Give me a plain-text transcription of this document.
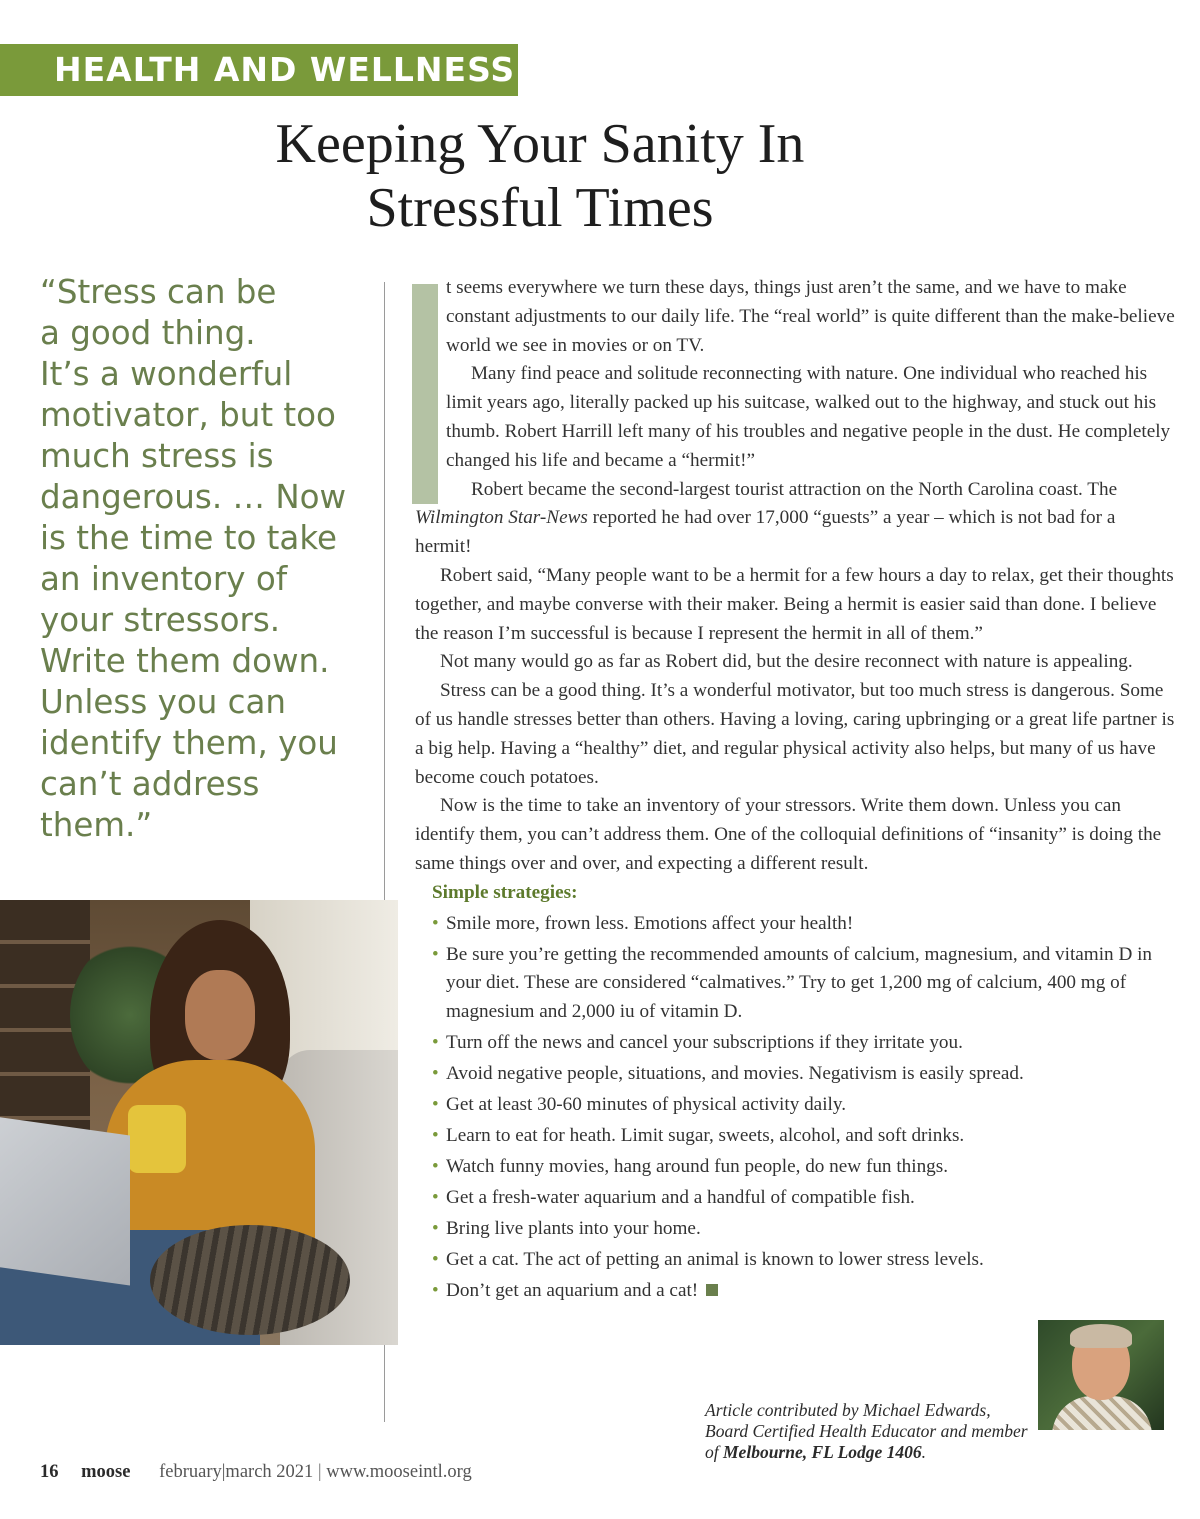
HEALTH AND WELLNESS
Keeping Your Sanity In
Stressful Times
“Stress can be
a good thing.
It’s a wonderful
motivator, but too
much stress is
dangerous. … Now
is the time to take
an inventory of
your stressors.
Write them down.
Unless you can
identify them, you
can’t address
them.”

t seems everywhere we turn these days, things just aren’t the same, and we have to make constant adjustments to our daily life. The “real world” is quite different than the make-believe world we see in movies or on TV.

Many find peace and solitude reconnecting with nature. One individual who reached his limit years ago, literally packed up his suitcase, walked out to the highway, and stuck out his thumb. Robert Harrill left many of his troubles and negative people in the dust. He completely changed his life and became a “hermit!”

Robert became the second-largest tourist attraction on the North Carolina coast. The Wilmington Star-News reported he had over 17,000 “guests” a year – which is not bad for a hermit!

Robert said, “Many people want to be a hermit for a few hours a day to relax, get their thoughts together, and maybe converse with their maker. Being a hermit is easier said than done. I believe the reason I’m successful is because I represent the hermit in all of them.”

Not many would go as far as Robert did, but the desire reconnect with nature is appealing.

Stress can be a good thing. It’s a wonderful motivator, but too much stress is dangerous. Some of us handle stresses better than others. Having a loving, caring upbringing or a great life partner is a big help. Having a “healthy” diet, and regular physical activity also helps, but many of us have become couch potatoes.

Now is the time to take an inventory of your stressors. Write them down. Unless you can identify them, you can’t address them. One of the colloquial definitions of “insanity” is doing the same things over and over, and expecting a different result.

Simple strategies:
• Smile more, frown less. Emotions affect your health!
• Be sure you’re getting the recommended amounts of calcium, magnesium, and vitamin D in your diet. These are considered “calmatives.” Try to get 1,200 mg of calcium, 400 mg of magnesium and 2,000 iu of vitamin D.
• Turn off the news and cancel your subscriptions if they irritate you.
• Avoid negative people, situations, and movies. Negativism is easily spread.
• Get at least 30-60 minutes of physical activity daily.
• Learn to eat for heath. Limit sugar, sweets, alcohol, and soft drinks.
• Watch funny movies, hang around fun people, do new fun things.
• Get a fresh-water aquarium and a handful of compatible fish.
• Bring live plants into your home.
• Get a cat. The act of petting an animal is known to lower stress levels.
• Don’t get an aquarium and a cat!
Article contributed by Michael Edwards, Board Certified Health Educator and member of Melbourne, FL Lodge 1406.
16 moose february|march 2021 | www.mooseintl.org
